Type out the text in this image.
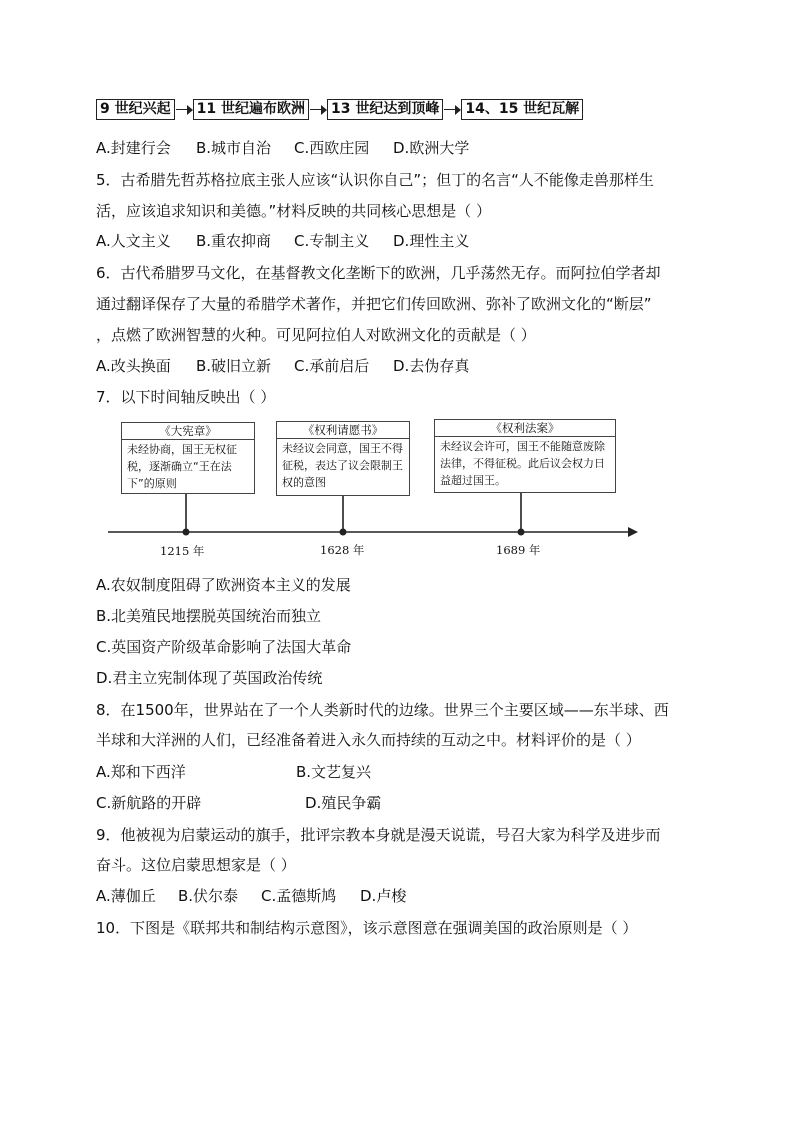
9 世纪兴起 11 世纪遍布欧洲 13 世纪达到顶峰 14、15 世纪瓦解
A.封建行会 B.城市自治 C.西欧庄园 D.欧洲大学
5．古希腊先哲苏格拉底主张人应该“认识你自己”；但丁的名言“人不能像走兽那样生
活，应该追求知识和美德。”材料反映的共同核心思想是（ ）
A.人文主义 B.重农抑商 C.专制主义 D.理性主义
6．古代希腊罗马文化，在基督教文化垄断下的欧洲，几乎荡然无存。而阿拉伯学者却
通过翻译保存了大量的希腊学术著作，并把它们传回欧洲、弥补了欧洲文化的“断层”
，点燃了欧洲智慧的火种。可见阿拉伯人对欧洲文化的贡献是（ ）
A.改头换面 B.破旧立新 C.承前启后 D.去伪存真
7．以下时间轴反映出（ ）
《大宪章》
未经协商，国王无权征税，逐渐确立“王在法下”的原则
《权利请愿书》
未经议会同意，国王不得征税，表达了议会限制王权的意图
《权利法案》
未经议会许可，国王不能随意废除法律，不得征税。此后议会权力日益超过国王。
1215 年	1628 年	1689 年
A.农奴制度阻碍了欧洲资本主义的发展
B.北美殖民地摆脱英国统治而独立
C.英国资产阶级革命影响了法国大革命
D.君主立宪制体现了英国政治传统
8．在1500年，世界站在了一个人类新时代的边缘。世界三个主要区域——东半球、西
半球和大洋洲的人们，已经准备着进入永久而持续的互动之中。材料评价的是（ ）
A.郑和下西洋	B.文艺复兴
C.新航路的开辟	D.殖民争霸
9．他被视为启蒙运动的旗手，批评宗教本身就是漫天说谎，号召大家为科学及进步而
奋斗。这位启蒙思想家是（ ）
A.薄伽丘 B.伏尔泰 C.孟德斯鸠 D.卢梭
10．下图是《联邦共和制结构示意图》，该示意图意在强调美国的政治原则是（ ）
